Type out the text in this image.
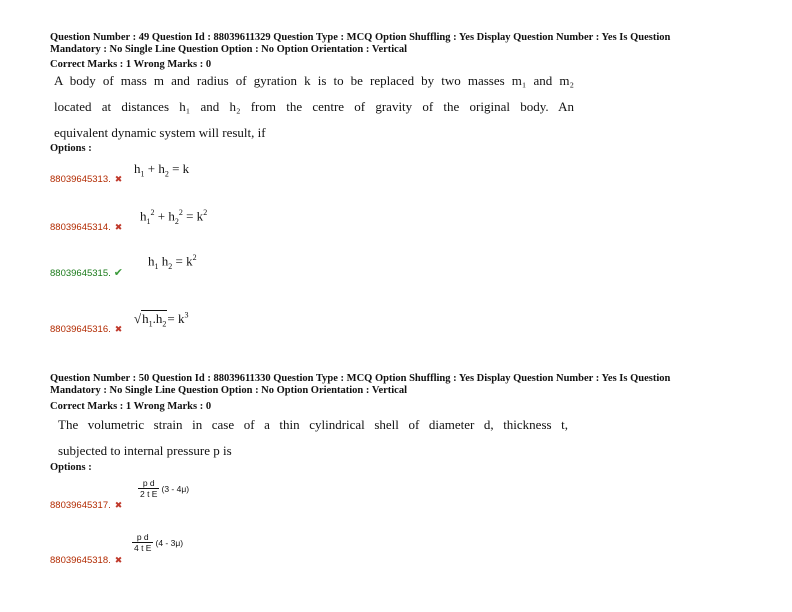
Question Number : 49 Question Id : 88039611329 Question Type : MCQ Option Shuffling : Yes Display Question Number : Yes Is Question
Mandatory : No Single Line Question Option : No Option Orientation : Vertical
Correct Marks : 1 Wrong Marks : 0
A body of mass m and radius of gyration k is to be replaced by two masses m₁ and m₂
located at distances h₁ and h₂ from the centre of gravity of the original body. An
equivalent dynamic system will result, if
Options :
88039645313. ✖
$h_1 + h_2 = k$
88039645314. ✖
$h_1^2 + h_2^2 = k^2$
88039645315. ✔
$h_1$ $h_2 = k^2$
88039645316. ✖
$√h_1.h_2= k^3$
Question Number : 50 Question Id : 88039611330 Question Type : MCQ Option Shuffling : Yes Display Question Number : Yes Is Question
Mandatory : No Single Line Question Option : No Option Orientation : Vertical
Correct Marks : 1 Wrong Marks : 0
The volumetric strain in case of a thin cylindrical shell of diameter d, thickness t,
subjected to internal pressure p is
Options :
88039645317. ✖
$\frac{\text{p d}}{\text{2 t E}} (3 - 4\mu)$
88039645318. ✖
$\frac{\text{p d}}{\text{4 t E}} (4 - 3\mu)$
